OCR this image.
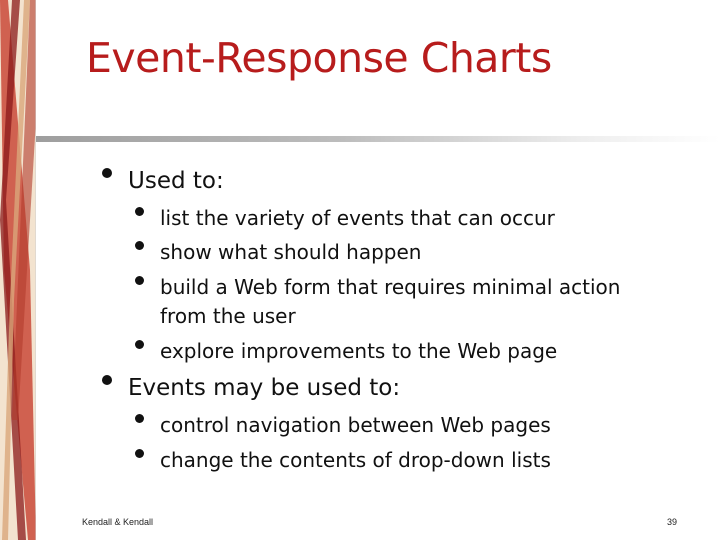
Event-Response Charts
Used to:
list the variety of events that can occur
show what should happen
build a Web form that requires minimal action
from the user
explore improvements to the Web page
Events may be used to:
control navigation between Web pages
change the contents of drop-down lists
Kendall & Kendall	39
